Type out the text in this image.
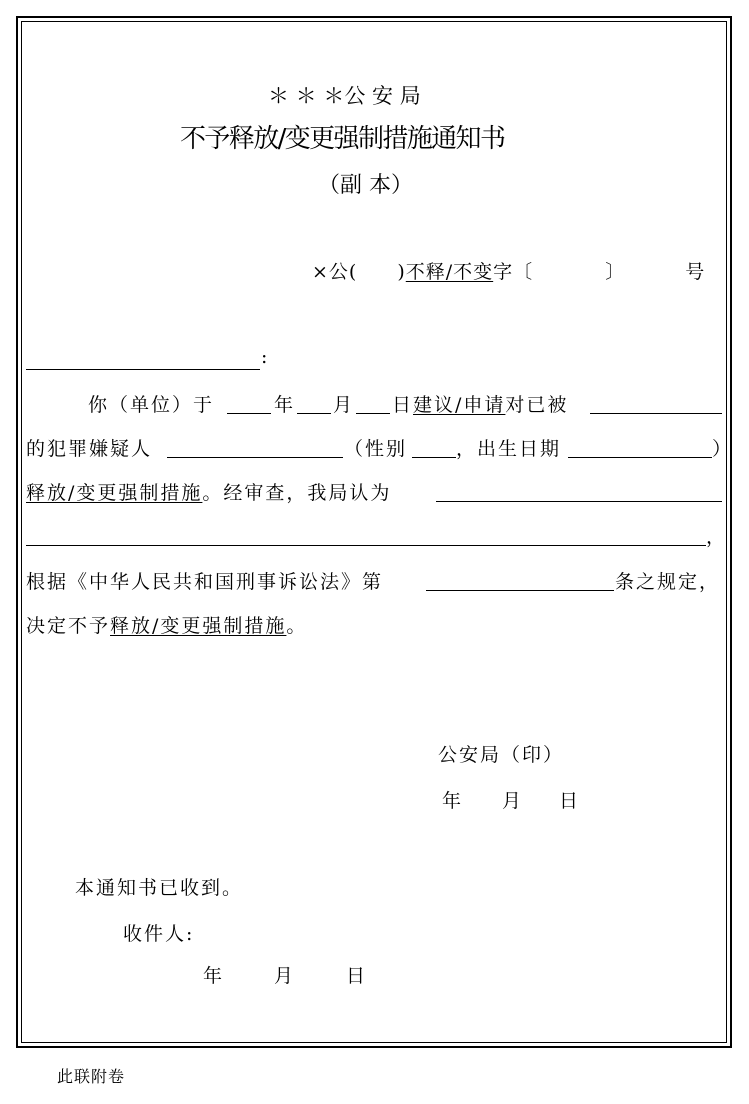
＊ ＊ ＊公 安 局
不予释放/变更强制措施通知书
（副 本）
×公( )不释/不变字〔	〕	号
:
你（单位）于	年 月 日建议/申请对已被
的犯罪嫌疑人	（性别	，出生日期	）
释放/变更强制措施。经审查，我局认为
，
根据《中华人民共和国刑事诉讼法》第	条之规定，
决定不予释放/变更强制措施。
公安局（印）
年 月 日
本通知书已收到。
收件人:
年	月	日
此联附卷
